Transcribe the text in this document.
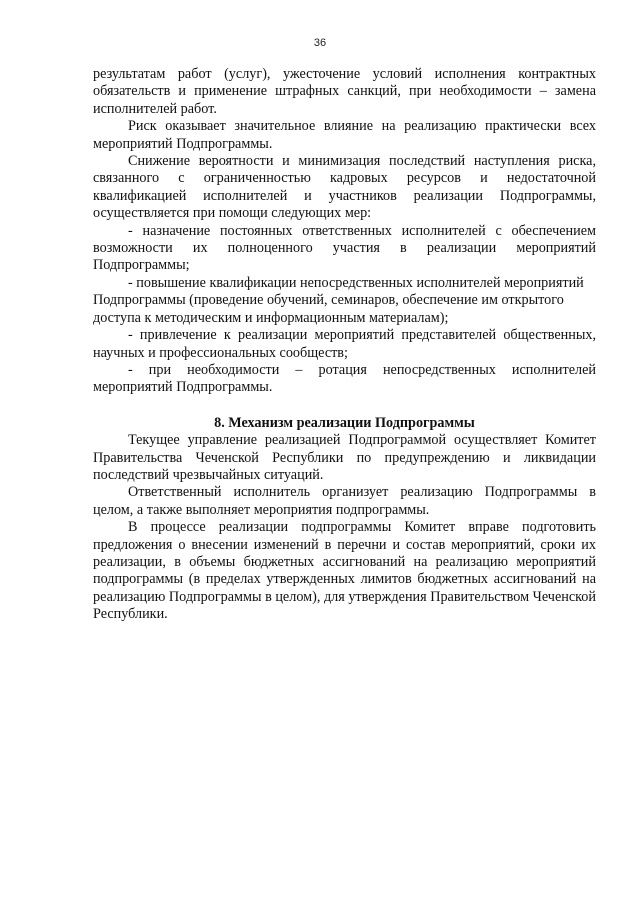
36

результатам работ (услуг), ужесточение условий исполнения контрактных обязательств и применение штрафных санкций, при необходимости – замена исполнителей работ.

Риск оказывает значительное влияние на реализацию практически всех мероприятий Подпрограммы.

Снижение вероятности и минимизация последствий наступления риска, связанного с ограниченностью кадровых ресурсов и недостаточной квалификацией исполнителей и участников реализации Подпрограммы, осуществляется при помощи следующих мер:

- назначение постоянных ответственных исполнителей с обеспечением возможности их полноценного участия в реализации мероприятий Подпрограммы;

- повышение квалификации непосредственных исполнителей мероприятий Подпрограммы (проведение обучений, семинаров, обеспечение им открытого доступа к методическим и информационным материалам);

- привлечение к реализации мероприятий представителей общественных, научных и профессиональных сообществ;

- при необходимости – ротация непосредственных исполнителей мероприятий Подпрограммы.

8. Механизм реализации Подпрограммы

Текущее управление реализацией Подпрограммой осуществляет Комитет Правительства Чеченской Республики по предупреждению и ликвидации последствий чрезвычайных ситуаций.

Ответственный исполнитель организует реализацию Подпрограммы в целом, а также выполняет мероприятия подпрограммы.

В процессе реализации подпрограммы Комитет вправе подготовить предложения о внесении изменений в перечни и состав мероприятий, сроки их реализации, в объемы бюджетных ассигнований на реализацию мероприятий подпрограммы (в пределах утвержденных лимитов бюджетных ассигнований на реализацию Подпрограммы в целом), для утверждения Правительством Чеченской Республики.
